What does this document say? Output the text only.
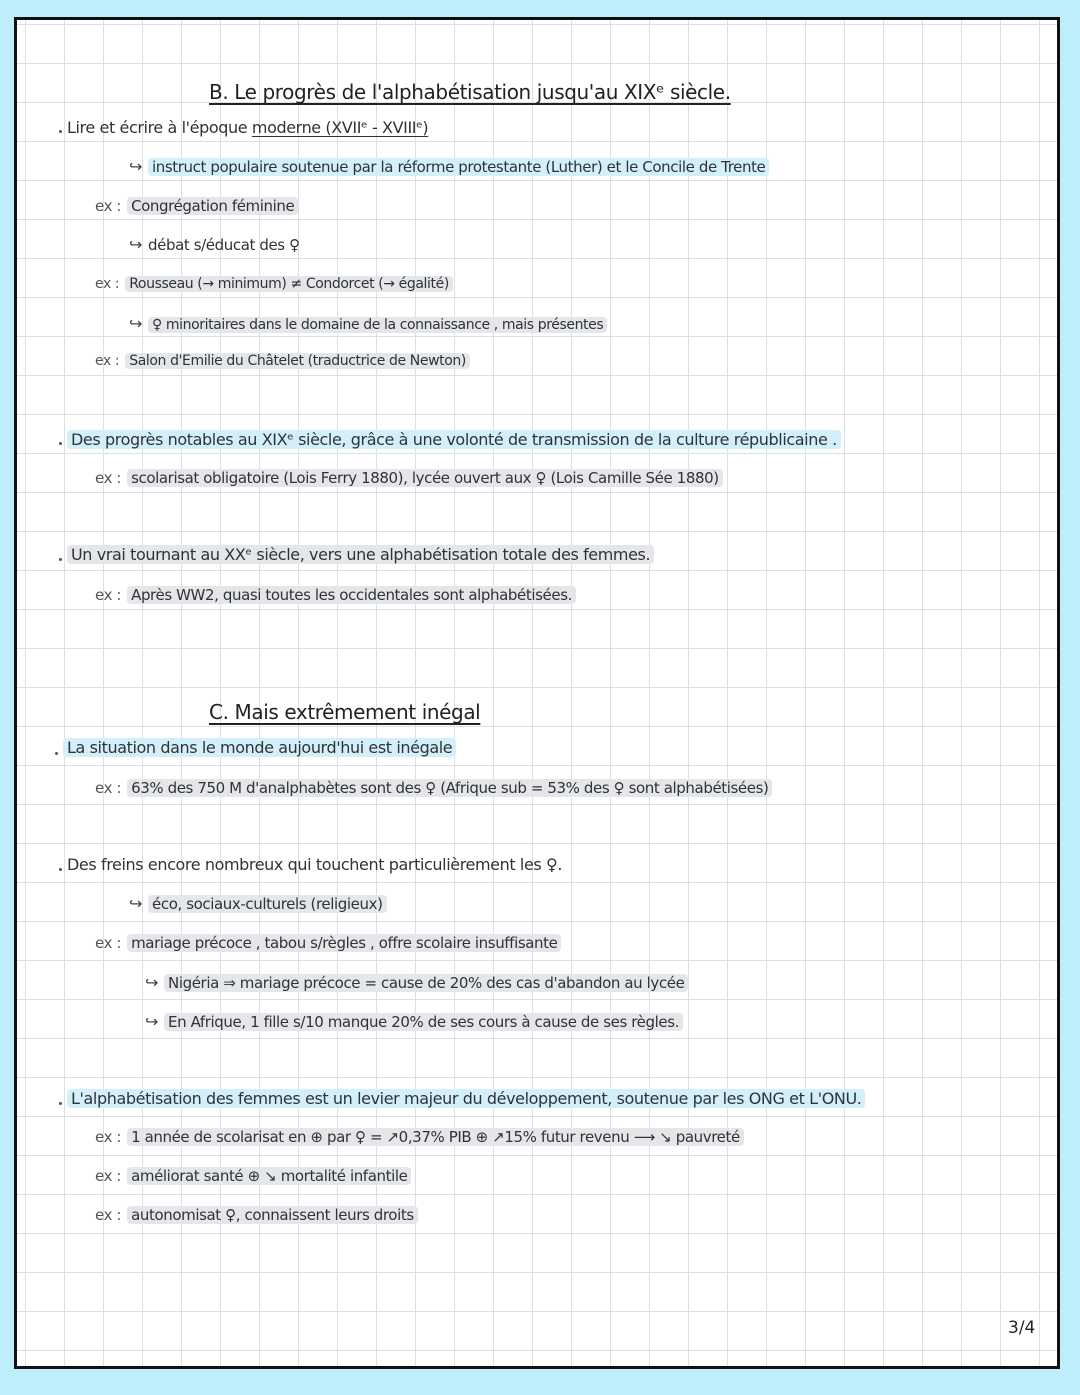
B. Le progrès de l'alphabétisation jusqu'au XIXᵉ siècle.
Lire et écrire à l'époque moderne (XVIIᵉ - XVIIIᵉ)
↪ instruct populaire soutenue par la réforme protestante (Luther) et le Concile de Trente
ex : Congrégation féminine
↪ débat s/éducat des ♀
ex : Rousseau (→ minimum) ≠ Condorcet (→ égalité)
↪ ♀ minoritaires dans le domaine de la connaissance , mais présentes
ex : Salon d'Emilie du Châtelet (traductrice de Newton)
Des progrès notables au XIXᵉ siècle, grâce à une volonté de transmission de la culture républicaine .
ex : scolarisat obligatoire (Lois Ferry 1880), lycée ouvert aux ♀ (Lois Camille Sée 1880)
Un vrai tournant au XXᵉ siècle, vers une alphabétisation totale des femmes.
ex : Après WW2, quasi toutes les occidentales sont alphabétisées.
C. Mais extrêmement inégal
La situation dans le monde aujourd'hui est inégale
ex : 63% des 750 M d'analphabètes sont des ♀ (Afrique sub = 53% des ♀ sont alphabétisées)
Des freins encore nombreux qui touchent particulièrement les ♀.
↪ éco, sociaux-culturels (religieux)
ex : mariage précoce , tabou s/règles , offre scolaire insuffisante
↪ Nigéria ⇒ mariage précoce = cause de 20% des cas d'abandon au lycée
↪ En Afrique, 1 fille s/10 manque 20% de ses cours à cause de ses règles.
L'alphabétisation des femmes est un levier majeur du développement, soutenue par les ONG et L'ONU.
ex : 1 année de scolarisat en ⊕ par ♀ = ↗0,37% PIB ⊕ ↗15% futur revenu ⟶ ↘ pauvreté
ex : améliorat santé ⊕ ↘ mortalité infantile
ex : autonomisat ♀, connaissent leurs droits
3/4
